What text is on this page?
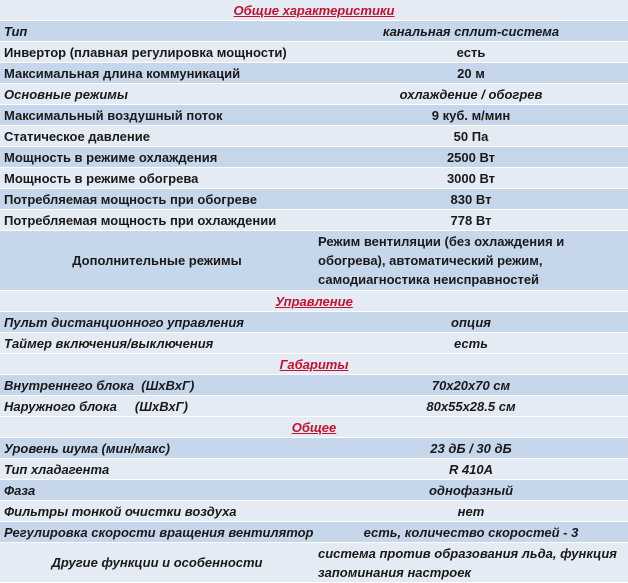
Общие характеристики	
Тип	канальная сплит-система
Инвертор (плавная регулировка мощности)	есть
Максимальная длина коммуникаций	20 м
Основные режимы	охлаждение / обогрев
Максимальный воздушный поток	9 куб. м/мин
Статическое давление	50 Па
Мощность в режиме охлаждения	2500 Вт
Мощность в режиме обогрева	3000 Вт
Потребляемая мощность при обогреве	830 Вт
Потребляемая мощность при охлаждении	778 Вт
Дополнительные режимы	Режим вентиляции (без охлаждения и обогрева), автоматический режим, самодиагностика неисправностей
Управление	
Пульт дистанционного управления	опция
Таймер включения/выключения	есть
Габариты	
Внутреннего блока  (ШхВхГ)	70x20x70 см
Наружного блока     (ШхВхГ)	80x55x28.5 см
Общее	
Уровень шума (мин/макс)	23 дБ / 30 дБ
Тип хладагента	R 410A
Фаза	однофазный
Фильтры тонкой очистки воздуха	нет
Регулировка скорости вращения вентилятор	есть, количество скоростей - 3
Другие функции и особенности	система против образования льда, функция запоминания настроек
